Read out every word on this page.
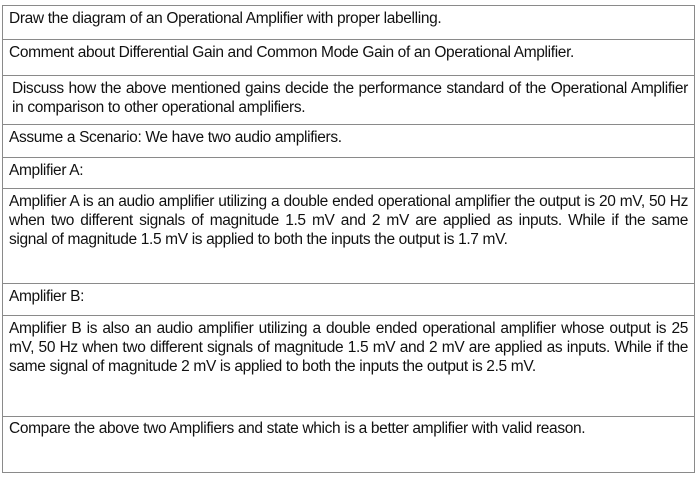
Draw the diagram of an Operational Amplifier with proper labelling.
Comment about Differential Gain and Common Mode Gain of an Operational Amplifier.
Discuss how the above mentioned gains decide the performance standard of the Operational Amplifier in comparison to other operational amplifiers.
Assume a Scenario: We have two audio amplifiers.
Amplifier A:
Amplifier A is an audio amplifier utilizing a double ended operational amplifier the output is 20 mV, 50 Hz when two different signals of magnitude 1.5 mV and 2 mV are applied as inputs. While if the same signal of magnitude 1.5 mV is applied to both the inputs the output is 1.7 mV.
Amplifier B:
Amplifier B is also an audio amplifier utilizing a double ended operational amplifier whose output is 25 mV, 50 Hz when two different signals of magnitude 1.5 mV and 2 mV are applied as inputs. While if the same signal of magnitude 2 mV is applied to both the inputs the output is 2.5 mV.
Compare the above two Amplifiers and state which is a better amplifier with valid reason.
